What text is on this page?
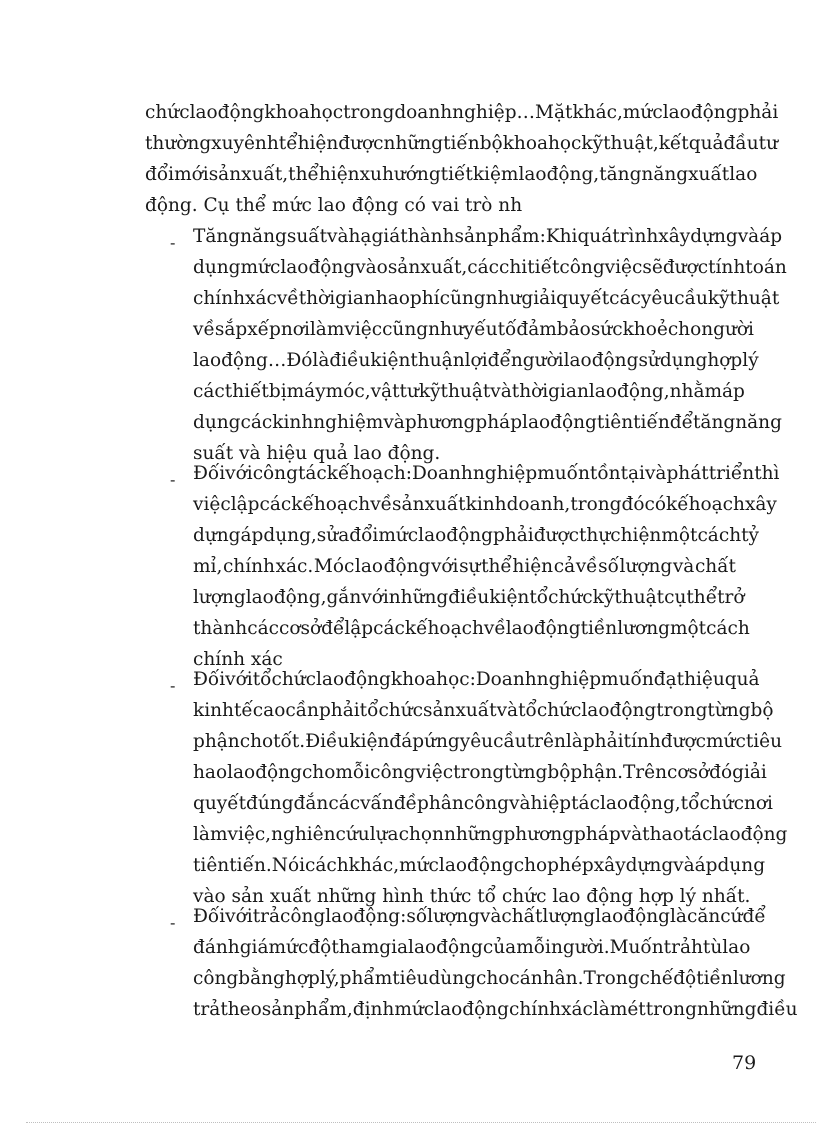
chức lao động khoa học trong doanh nghiệp … Mặt khác, mức lao động phải
thường xuyên htể hiện được những tiến bộ khoa học kỹ thuật, kết quả đầu tư
đổi mới sản xuất, thể hiện xu hướng tiết kiệm lao động, tăng năng xuất lao
động. Cụ thể mức lao động có vai trò nh
- Tăng năng suất và hạ giá thành sản phẩm: Khi quá trình xây dựng và áp
dụng mức lao động vào sản xuất, các chi tiết công việc sẽ được tính toán
chính xác về thời gian hao phí cũng như giải quyết các yêu cầu kỹ thuật
về sắp xếp nơi làm việc cũng như yếu tố đảm bảo sức khoẻ cho người
lao động…Đó là điều kiện thuận lợi để người lao động sử dụng hợp lý
các thiết bị máy móc, vật tư kỹ thuật và thời gian lao động, nhằm áp
dụng các kinh nghiệm và phương pháp lao động tiên tiến để tăng năng
suất và hiệu quả lao động.
- Đối với công tác kế hoạch: Doanh nghiệp muốn tồn tại và phát triển thì
việc lập các kế hoạch về sản xuất kinh doanh, trong đó có kế hoạch xây
dựng áp dụng, sửa đổi mức lao động phải được thực hiện một cách tỷ
mỉ, chính xác. Móc lao động với sự thể hiện cả về số lượng và chất
lượng lao động, gắn với những điều kiện tổ chức kỹ thuật cụ thể trở
thành các cơ sở để lập các kế hoạch về lao động tiền lương một cách
chính xác
- Đối với tổ chức lao động khoa học: Doanh nghiệp muốn đạt hiệu quả
kinh tế cao cần phải tổ chức sản xuất và tổ chức lao động trong từng bộ
phận cho tốt. Điều kiện đáp ứng yêu cầu trên là phải tính được mức tiêu
hao lao động cho mỗi công việc trong từng bộ phận. Trên cơ sở đó giải
quyết đúng đắn các vấn đề phân công và hiệp tác lao động, tổ chức nơi
làm việc, nghiên cứu lựa chọn những phương pháp và thao tác lao động
tiên tiến. Nói cách khác, mức lao động cho phép xây dựng và áp dụng
vào sản xuất những hình thức tổ chức lao động hợp lý nhất.
- Đối với trả công lao động : số lượng và chất lượng lao động là căn cứ để
đánh giá mức độ tham gia lao động của mỗi người. Muốn trả htù lao
công bằng hợp lý, phẩm tiêu dùng cho cá nhân. Trong chế độ tiền lương
trả theo sản phẩm, định mức lao động chính xác là mét trong những điều
79
